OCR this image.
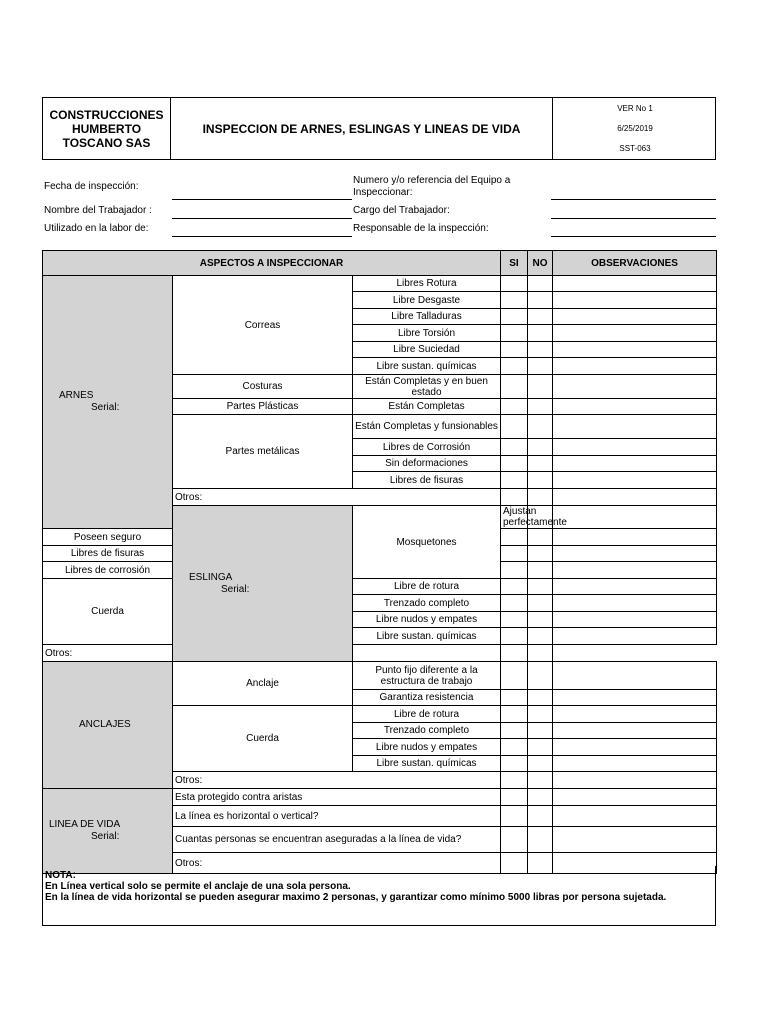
CONSTRUCCIONES
HUMBERTO
TOSCANO SAS
INSPECCION DE ARNES, ESLINGAS Y LINEAS DE VIDA
VER No 1
6/25/2019
SST-063
Fecha de inspección:
Nombre del Trabajador :
Utilizado en la labor de:
Numero y/o referencia del Equipo a Inspeccionar:
Cargo del Trabajador:
Responsable de la inspección:
ASPECTOS A INSPECCIONAR			SI	NO	OBSERVACIONES	

ARNES
Serial:	Correas	Libres Rotura				
		Libre Desgaste				
		Libre Talladuras				
		Libre Torsión				
		Libre Suciedad				
		Libre sustan. químicas				
	Costuras	Están Completas y en buen estado				
	Partes Plásticas	Están Completas				
	Partes metálicas	Están Completas y funsionables				
		Libres de Corrosión				
		Sin deformaciones				
		Libres de fisuras				
	Otros:					

	ESLINGA
Serial:	Mosquetones	Ajustan perfectamente			
Poseen seguro						
Libres de fisuras						
Libres de corrosión						
Cuerda		Libre de rotura				
		Trenzado completo				
		Libre nudos y empates				
		Libre sustan. químicas				
Otros:						

ANCLAJES	Anclaje	Punto fijo diferente a la estructura de trabajo				
		Garantiza resistencia				
	Cuerda	Libre de rotura				
		Trenzado completo				
		Libre nudos y empates				
		Libre sustan. químicas				
	Otros:					

LINEA DE VIDA
Serial:	Esta protegido contra aristas					
	La línea es horizontal o vertical?					
	Cuantas personas se encuentran aseguradas a la línea de vida?					
	Otros:					
NOTA:
En Línea vertical solo se permite el anclaje de una sola persona.
En la línea de vida horizontal se pueden asegurar maximo 2 personas, y garantizar como mínimo 5000 libras por persona sujetada.
